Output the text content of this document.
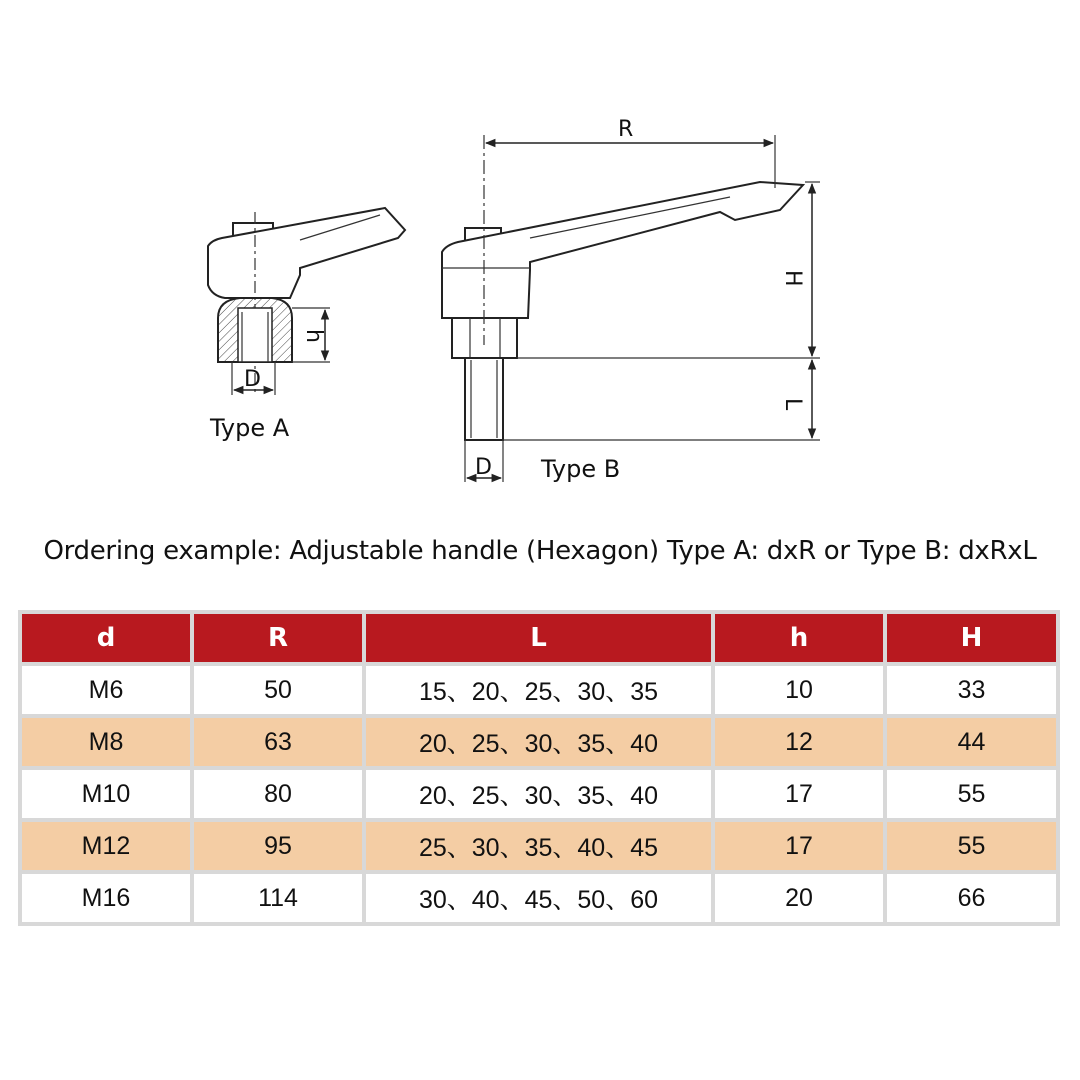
R
H
L
h
D
D
Type A
Type B
Ordering example: Adjustable handle (Hexagon) Type A: dxR or Type B: dxRxL
d	R	L	h	H
M6	50	15、20、25、30、35	10	33
M8	63	20、25、30、35、40	12	44
M10	80	20、25、30、35、40	17	55
M12	95	25、30、35、40、45	17	55
M16	114	30、40、45、50、60	20	66
